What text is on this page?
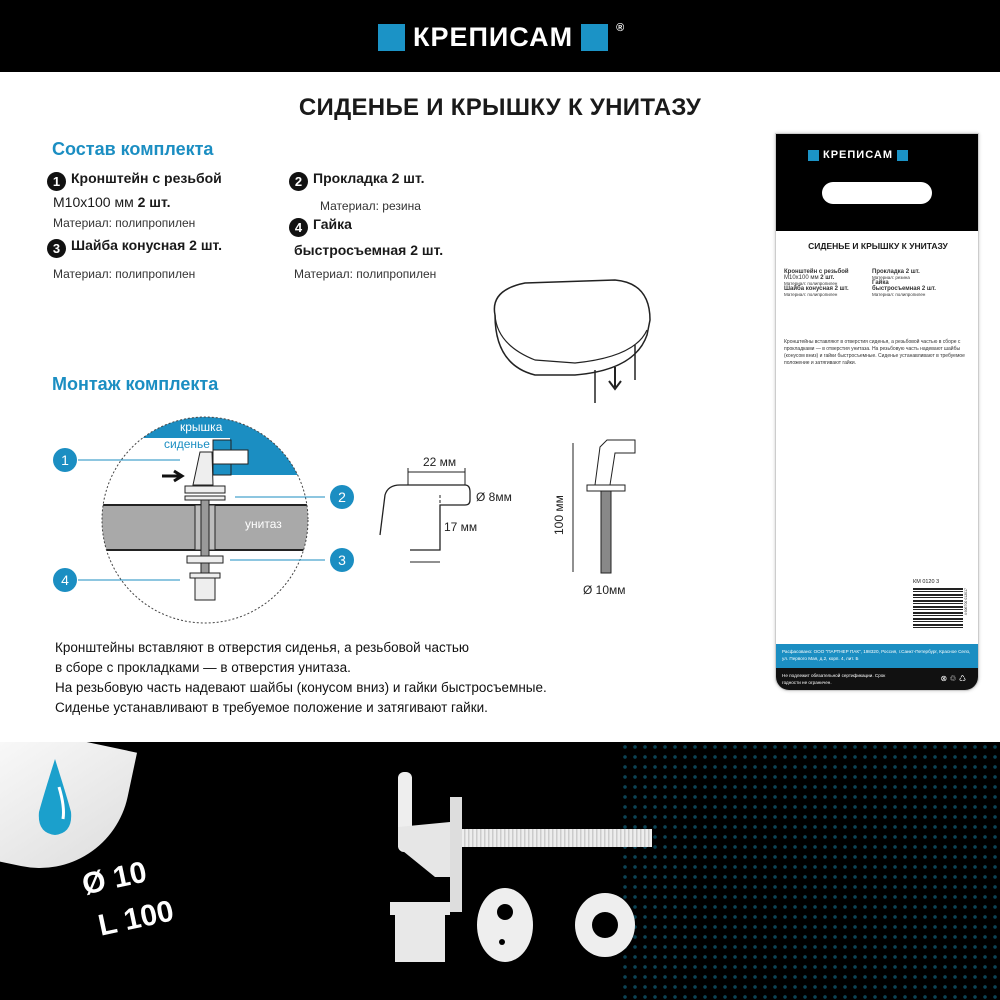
КРЕПИСАМ	®
СИДЕНЬЕ И КРЫШКУ К УНИТАЗУ
Состав комплекта
1 Кронштейн с резьбой
М10х100 мм 2 шт.
Материал: полипропилен
3 Шайба конусная 2 шт.
Материал: полипропилен
2 Прокладка 2 шт.
Материал: резина
4 Гайка
быстросъемная 2 шт.
Материал: полипропилен
Монтаж комплекта
крышка
унитаз
сиденье
1
2
3
4
22 мм
Ø 8мм
17 мм	100 мм
Ø 10мм
Кронштейны вставляют в отверстия сиденья, а резьбовой частью
в сборе с прокладками — в отверстия унитаза.
На резьбовую часть надевают шайбы (конусом вниз) и гайки быстросъемные.
Сиденье устанавливают в требуемое положение и затягивают гайки.
КРЕПИСАМ
СИДЕНЬЕ И КРЫШКУ К УНИТАЗУ
Кронштейн с резьбой
М10х100 мм 2 шт.
Материал: полипропилен
Шайба конусная 2 шт.
Материал: полипропилен
Прокладка 2 шт.
Материал: резина
Гайка
быстросъемная 2 шт.
Материал: полипропилен
Кронштейны вставляют в отверстия сиденья, а резьбовой частью в сборе с прокладками — в отверстия унитаза. На резьбовую часть надевают шайбы (конусом вниз) и гайки быстросъемные. Сиденье устанавливают в требуемое положение и затягивают гайки.
КМ 0120 3
4 606700 012017
Расфасовано: ООО "ПАРТНЕР ПАК", 198320, Россия, г.Санкт-Петербург, Красное Село, ул. Первого Мая, д.2, корп. 4, лит. Б
Не подлежит обязательной сертификации. Срок годности не ограничен.	⊗ ♲ ♺
Ø 10
L 100
